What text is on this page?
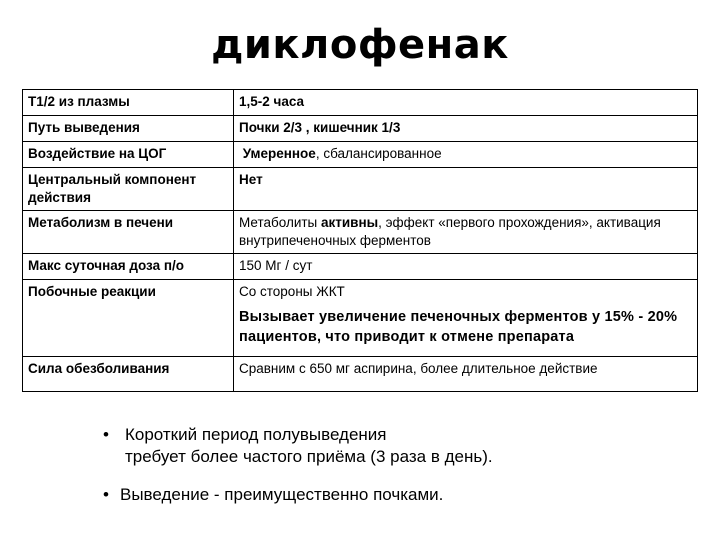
диклофенак
Т1/2 из плазмы	1,5-2 часа
Путь выведения	Почки 2/3 , кишечник 1/3
Воздействие на ЦОГ	Умеренное, сбалансированное
Центральный компонент действия	Нет
Метаболизм в печени	Метаболиты активны, эффект «первого прохождения», активация внутрипеченочных ферментов
Макс суточная доза п/о	150 Мг / сут
Побочные реакции	Со стороны ЖКТ
Вызывает увеличение печеночных ферментов у 15% - 20% пациентов, что приводит к отмене препарата

Сила обезболивания	Сравним с 650 мг аспирина, более длительное действие
• Короткий период полувыведения
требует более частого приёма (3 раза в день).
• Выведение - преимущественно почками.
